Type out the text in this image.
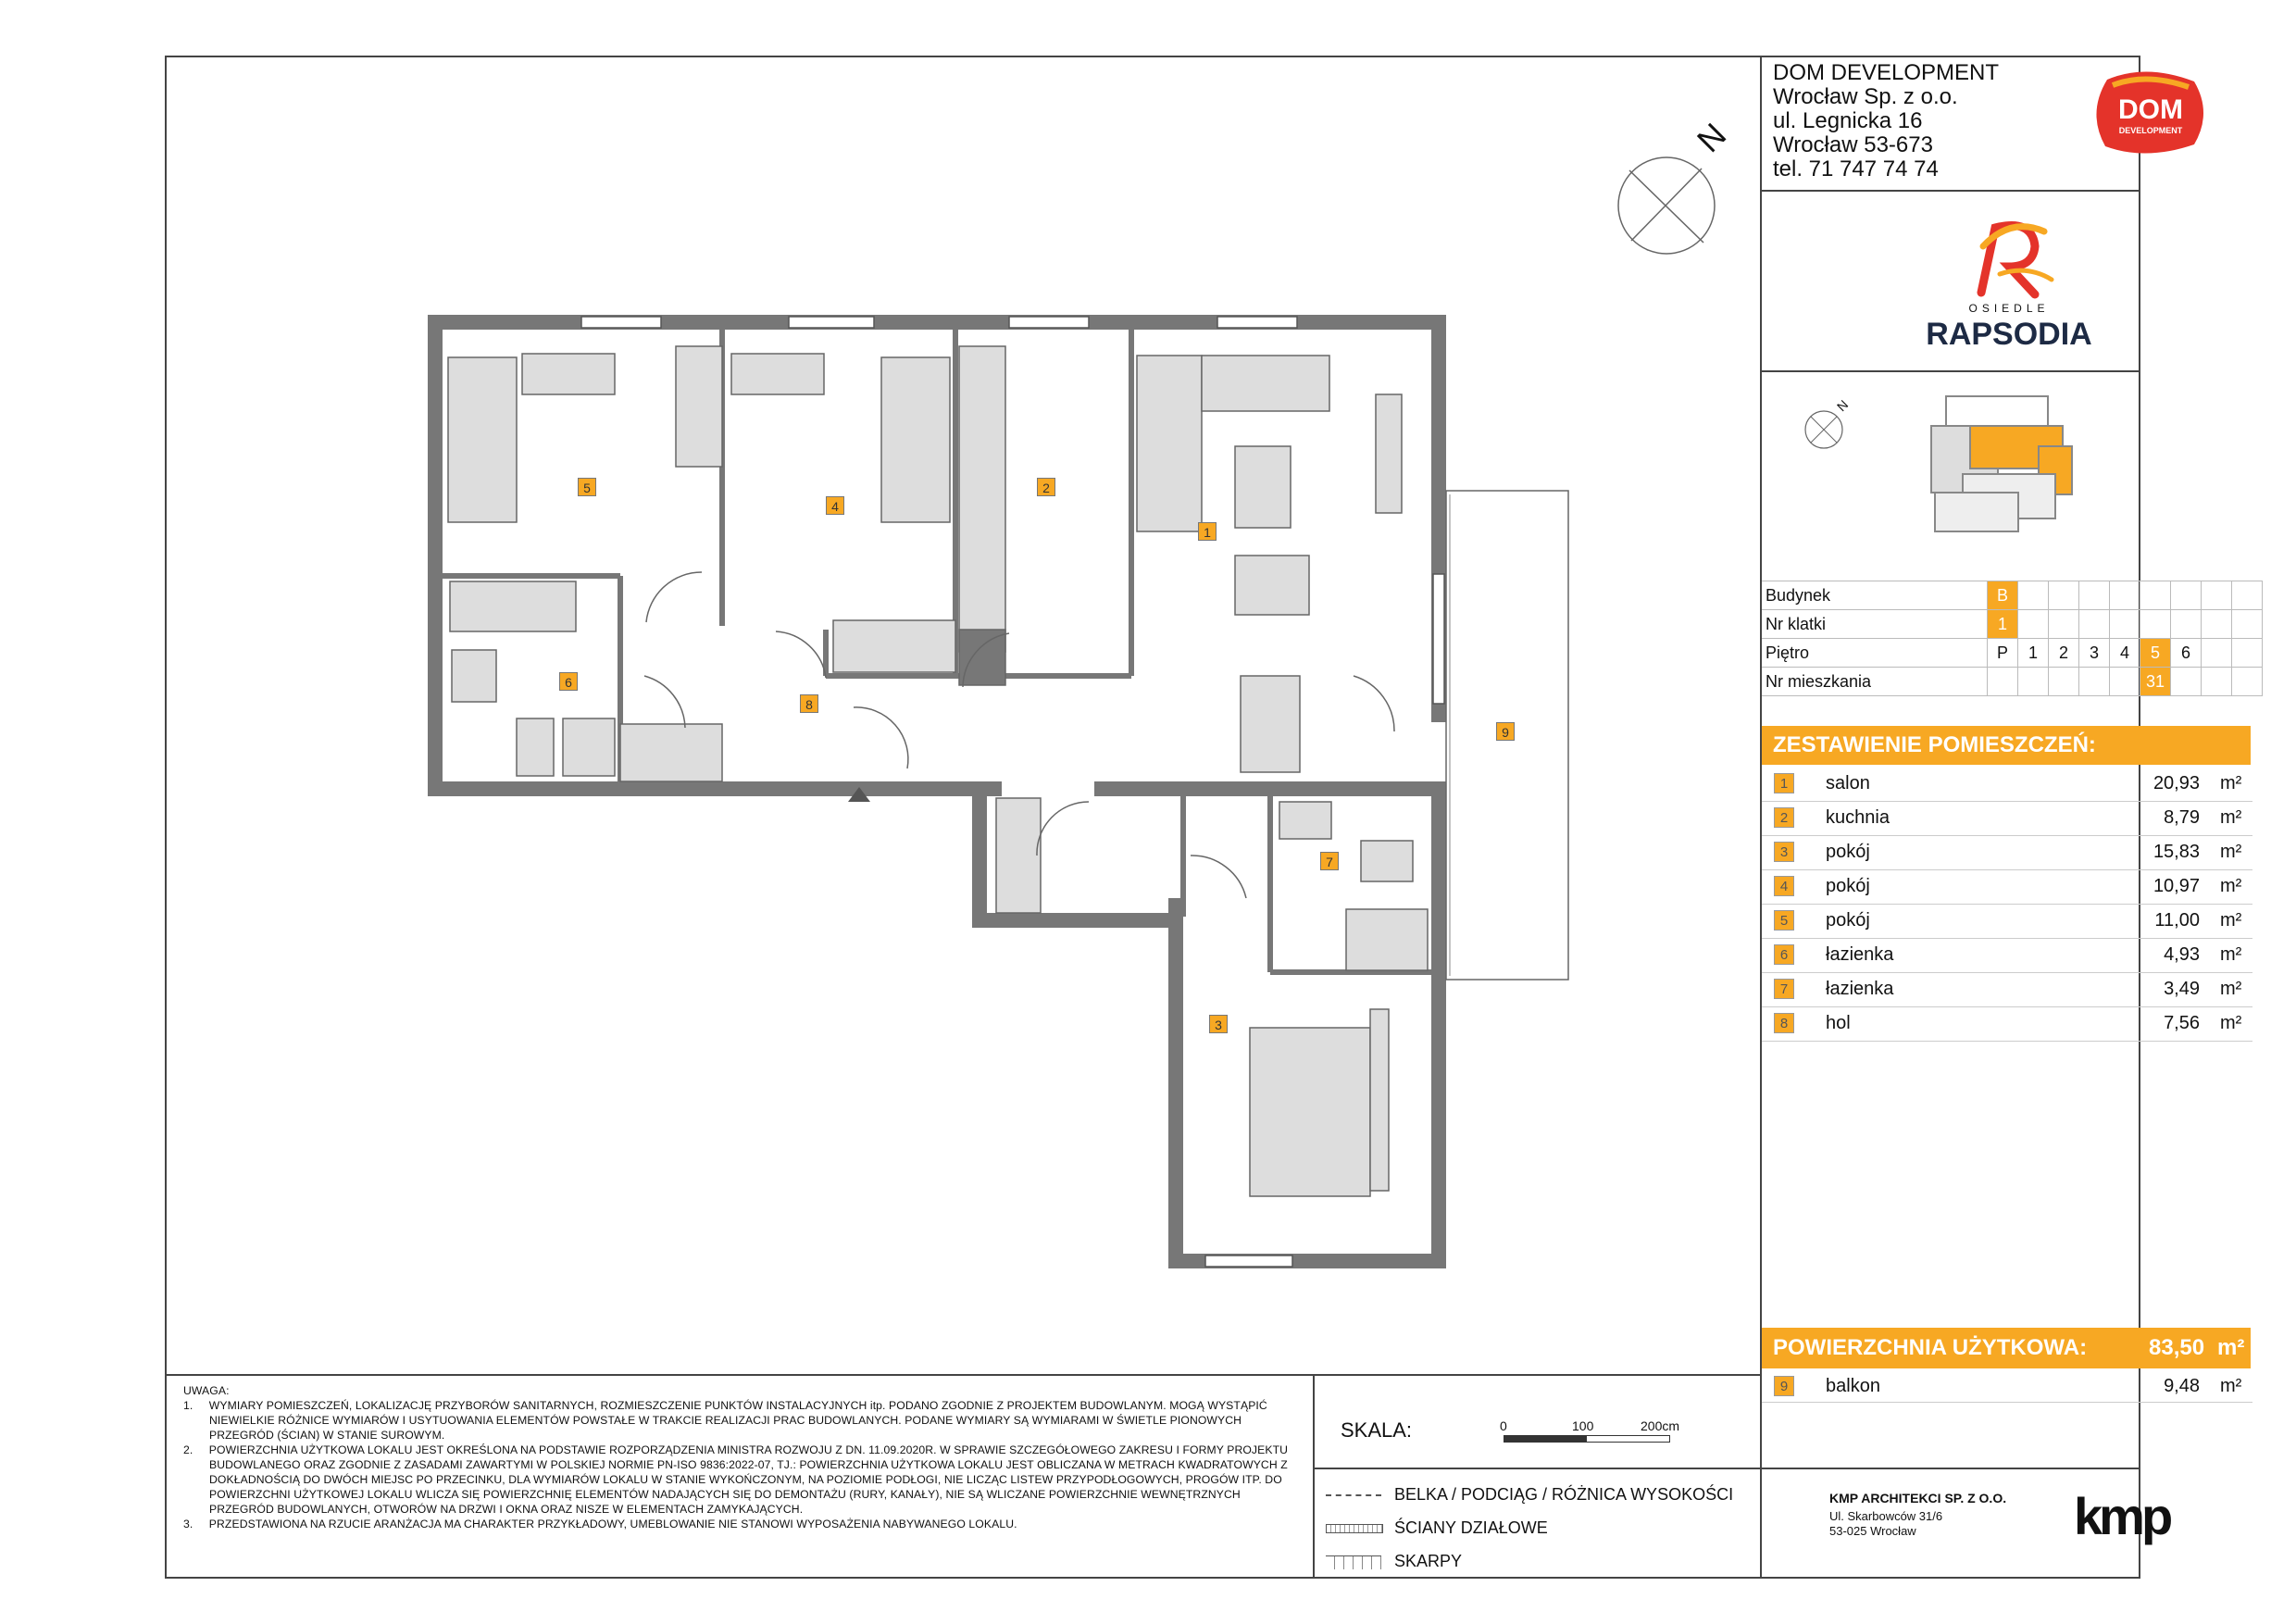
DOM DEVELOPMENT
Wrocław Sp. z o.o.
ul. Legnicka 16
Wrocław 53-673
tel. 71 747 74 74
DOM
DEVELOPMENT
OSIEDLE
RAPSODIA
N
N
Budynek	B								
Nr klatki	1								
Piętro	P	1	2	3	4	5	6		
Nr mieszkania						31			
ZESTAWIENIE POMIESZCZEŃ:
1	salon	20,93 m²
2	kuchnia	8,79 m²
3	pokój	15,83 m²
4	pokój	10,97 m²
5	pokój	11,00 m²
6	łazienka	4,93 m²
7	łazienka	3,49 m²
8	hol	7,56 m²
POWIERZCHNIA UŻYTKOWA:	83,50 m²
9	balkon	9,48 m²
1
2
3
4
5
6
7
8
9
UWAGA:
1.     WYMIARY POMIESZCZEŃ, LOKALIZACJĘ PRZYBORÓW SANITARNYCH, ROZMIESZCZENIE PUNKTÓW INSTALACYJNYCH itp. PODANO ZGODNIE Z PROJEKTEM BUDOWLANYM. MOGĄ WYSTĄPIĆ NIEWIELKIE RÓŻNICE WYMIARÓW I USYTUOWANIA ELEMENTÓW POWSTAŁE W TRAKCIE REALIZACJI PRAC BUDOWLANYCH. PODANE WYMIARY SĄ WYMIARAMI W ŚWIETLE PIONOWYCH PRZEGRÓD (ŚCIAN) W STANIE SUROWYM.
2.     POWIERZCHNIA UŻYTKOWA LOKALU JEST OKREŚLONA NA PODSTAWIE ROZPORZĄDZENIA MINISTRA ROZWOJU Z DN. 11.09.2020R. W SPRAWIE SZCZEGÓŁOWEGO ZAKRESU I FORMY PROJEKTU BUDOWLANEGO ORAZ ZGODNIE Z ZASADAMI ZAWARTYMI W POLSKIEJ NORMIE PN-ISO 9836:2022-07, TJ.: POWIERZCHNIA UŻYTKOWA LOKALU JEST OBLICZANA W METRACH KWADRATOWYCH Z DOKŁADNOŚCIĄ DO DWÓCH MIEJSC PO PRZECINKU, DLA WYMIARÓW LOKALU W STANIE WYKOŃCZONYM, NA POZIOMIE PODŁOGI, NIE LICZĄC LISTEW PRZYPODŁOGOWYCH, PROGÓW ITP. DO POWIERZCHNI UŻYTKOWEJ LOKALU WLICZA SIĘ POWIERZCHNIĘ ELEMENTÓW NADAJĄCYCH SIĘ DO DEMONTAŻU (RURY, KANAŁY), NIE SĄ WLICZANE POWIERZCHNIE WEWNĘTRZNYCH PRZEGRÓD BUDOWLANYCH, OTWORÓW NA DRZWI I OKNA ORAZ NISZE W ELEMENTACH ZAMYKAJĄCYCH.
3.     PRZEDSTAWIONA NA RZUCIE ARANŻACJA MA CHARAKTER PRZYKŁADOWY, UMEBLOWANIE NIE STANOWI WYPOSAŻENIA NABYWANEGO LOKALU.
SKALA:	0	100	200cm
BELKA / PODCIĄG / RÓŻNICA WYSOKOŚCI
ŚCIANY DZIAŁOWE
SKARPY
KMP ARCHITEKCI SP. Z O.O.
Ul. Skarbowców 31/6
53-025 Wrocław	kmp
